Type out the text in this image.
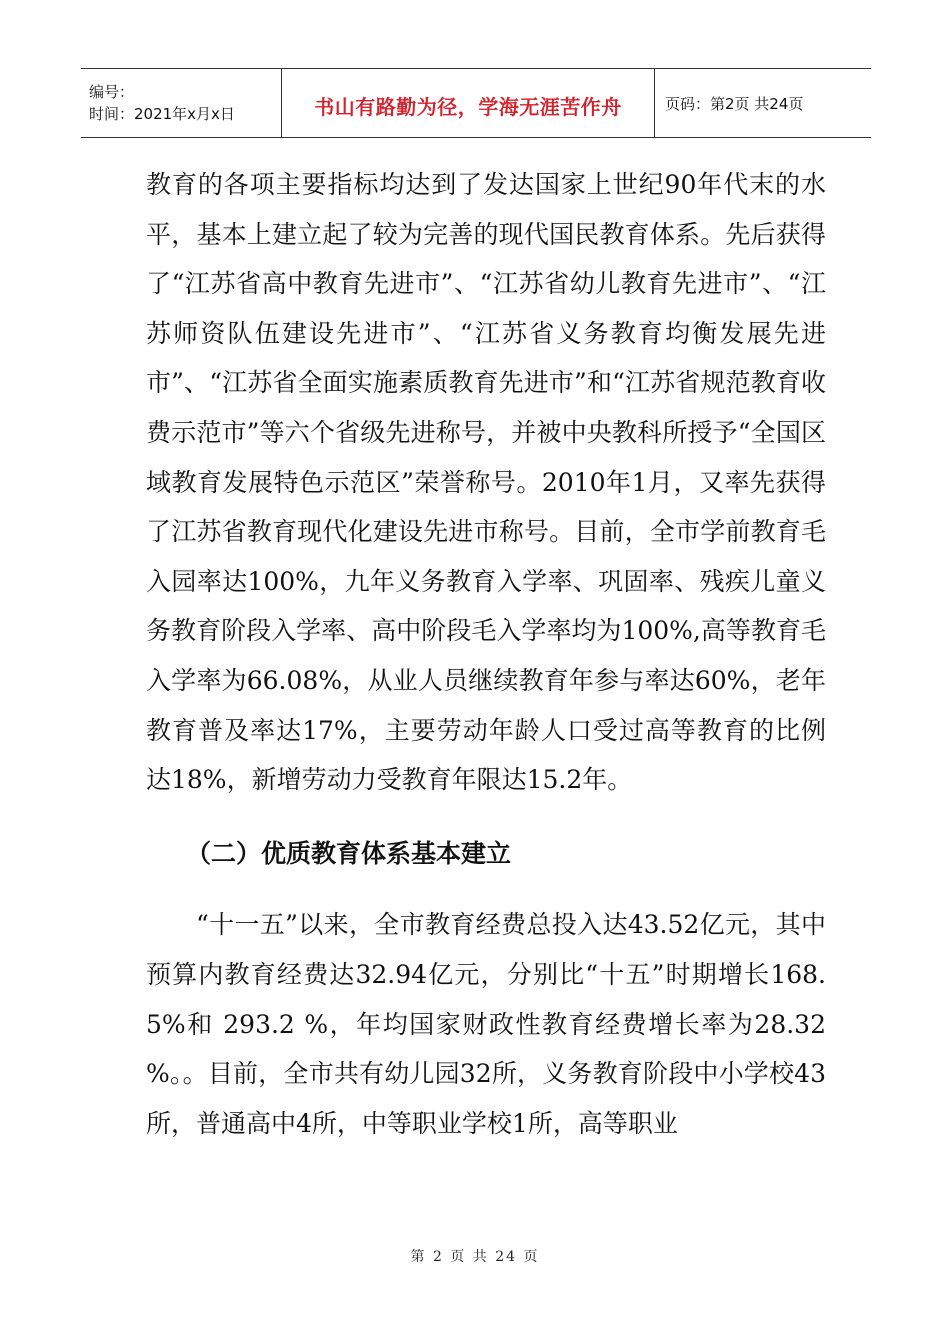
编号：
时间：2021年x月x日	书山有路勤为径，学海无涯苦作舟	页码：第2页 共24页

教育的各项主要指标均达到了发达国家上世纪90年代末的水平，基本上建立起了较为完善的现代国民教育体系。先后获得了“江苏省高中教育先进市”、“江苏省幼儿教育先进市”、“江苏师资队伍建设先进市”、“江苏省义务教育均衡发展先进市”、“江苏省全面实施素质教育先进市”和“江苏省规范教育收费示范市”等六个省级先进称号，并被中央教科所授予“全国区域教育发展特色示范区”荣誉称号。2010年1月，又率先获得了江苏省教育现代化建设先进市称号。目前，全市学前教育毛入园率达100%，九年义务教育入学率、巩固率、残疾儿童义务教育阶段入学率、高中阶段毛入学率均为100%,高等教育毛入学率为66.08%，从业人员继续教育年参与率达60%，老年教育普及率达17%，主要劳动年龄人口受过高等教育的比例达18%，新增劳动力受教育年限达15.2年。

（二）优质教育体系基本建立

“十一五”以来，全市教育经费总投入达43.52亿元，其中预算内教育经费达32.94亿元，分别比“十五”时期增长168.5%和 293.2 %，年均国家财政性教育经费增长率为28.32 %。。目前，全市共有幼儿园32所，义务教育阶段中小学校43所，普通高中4所，中等职业学校1所，高等职业

第 2 页 共 24 页
